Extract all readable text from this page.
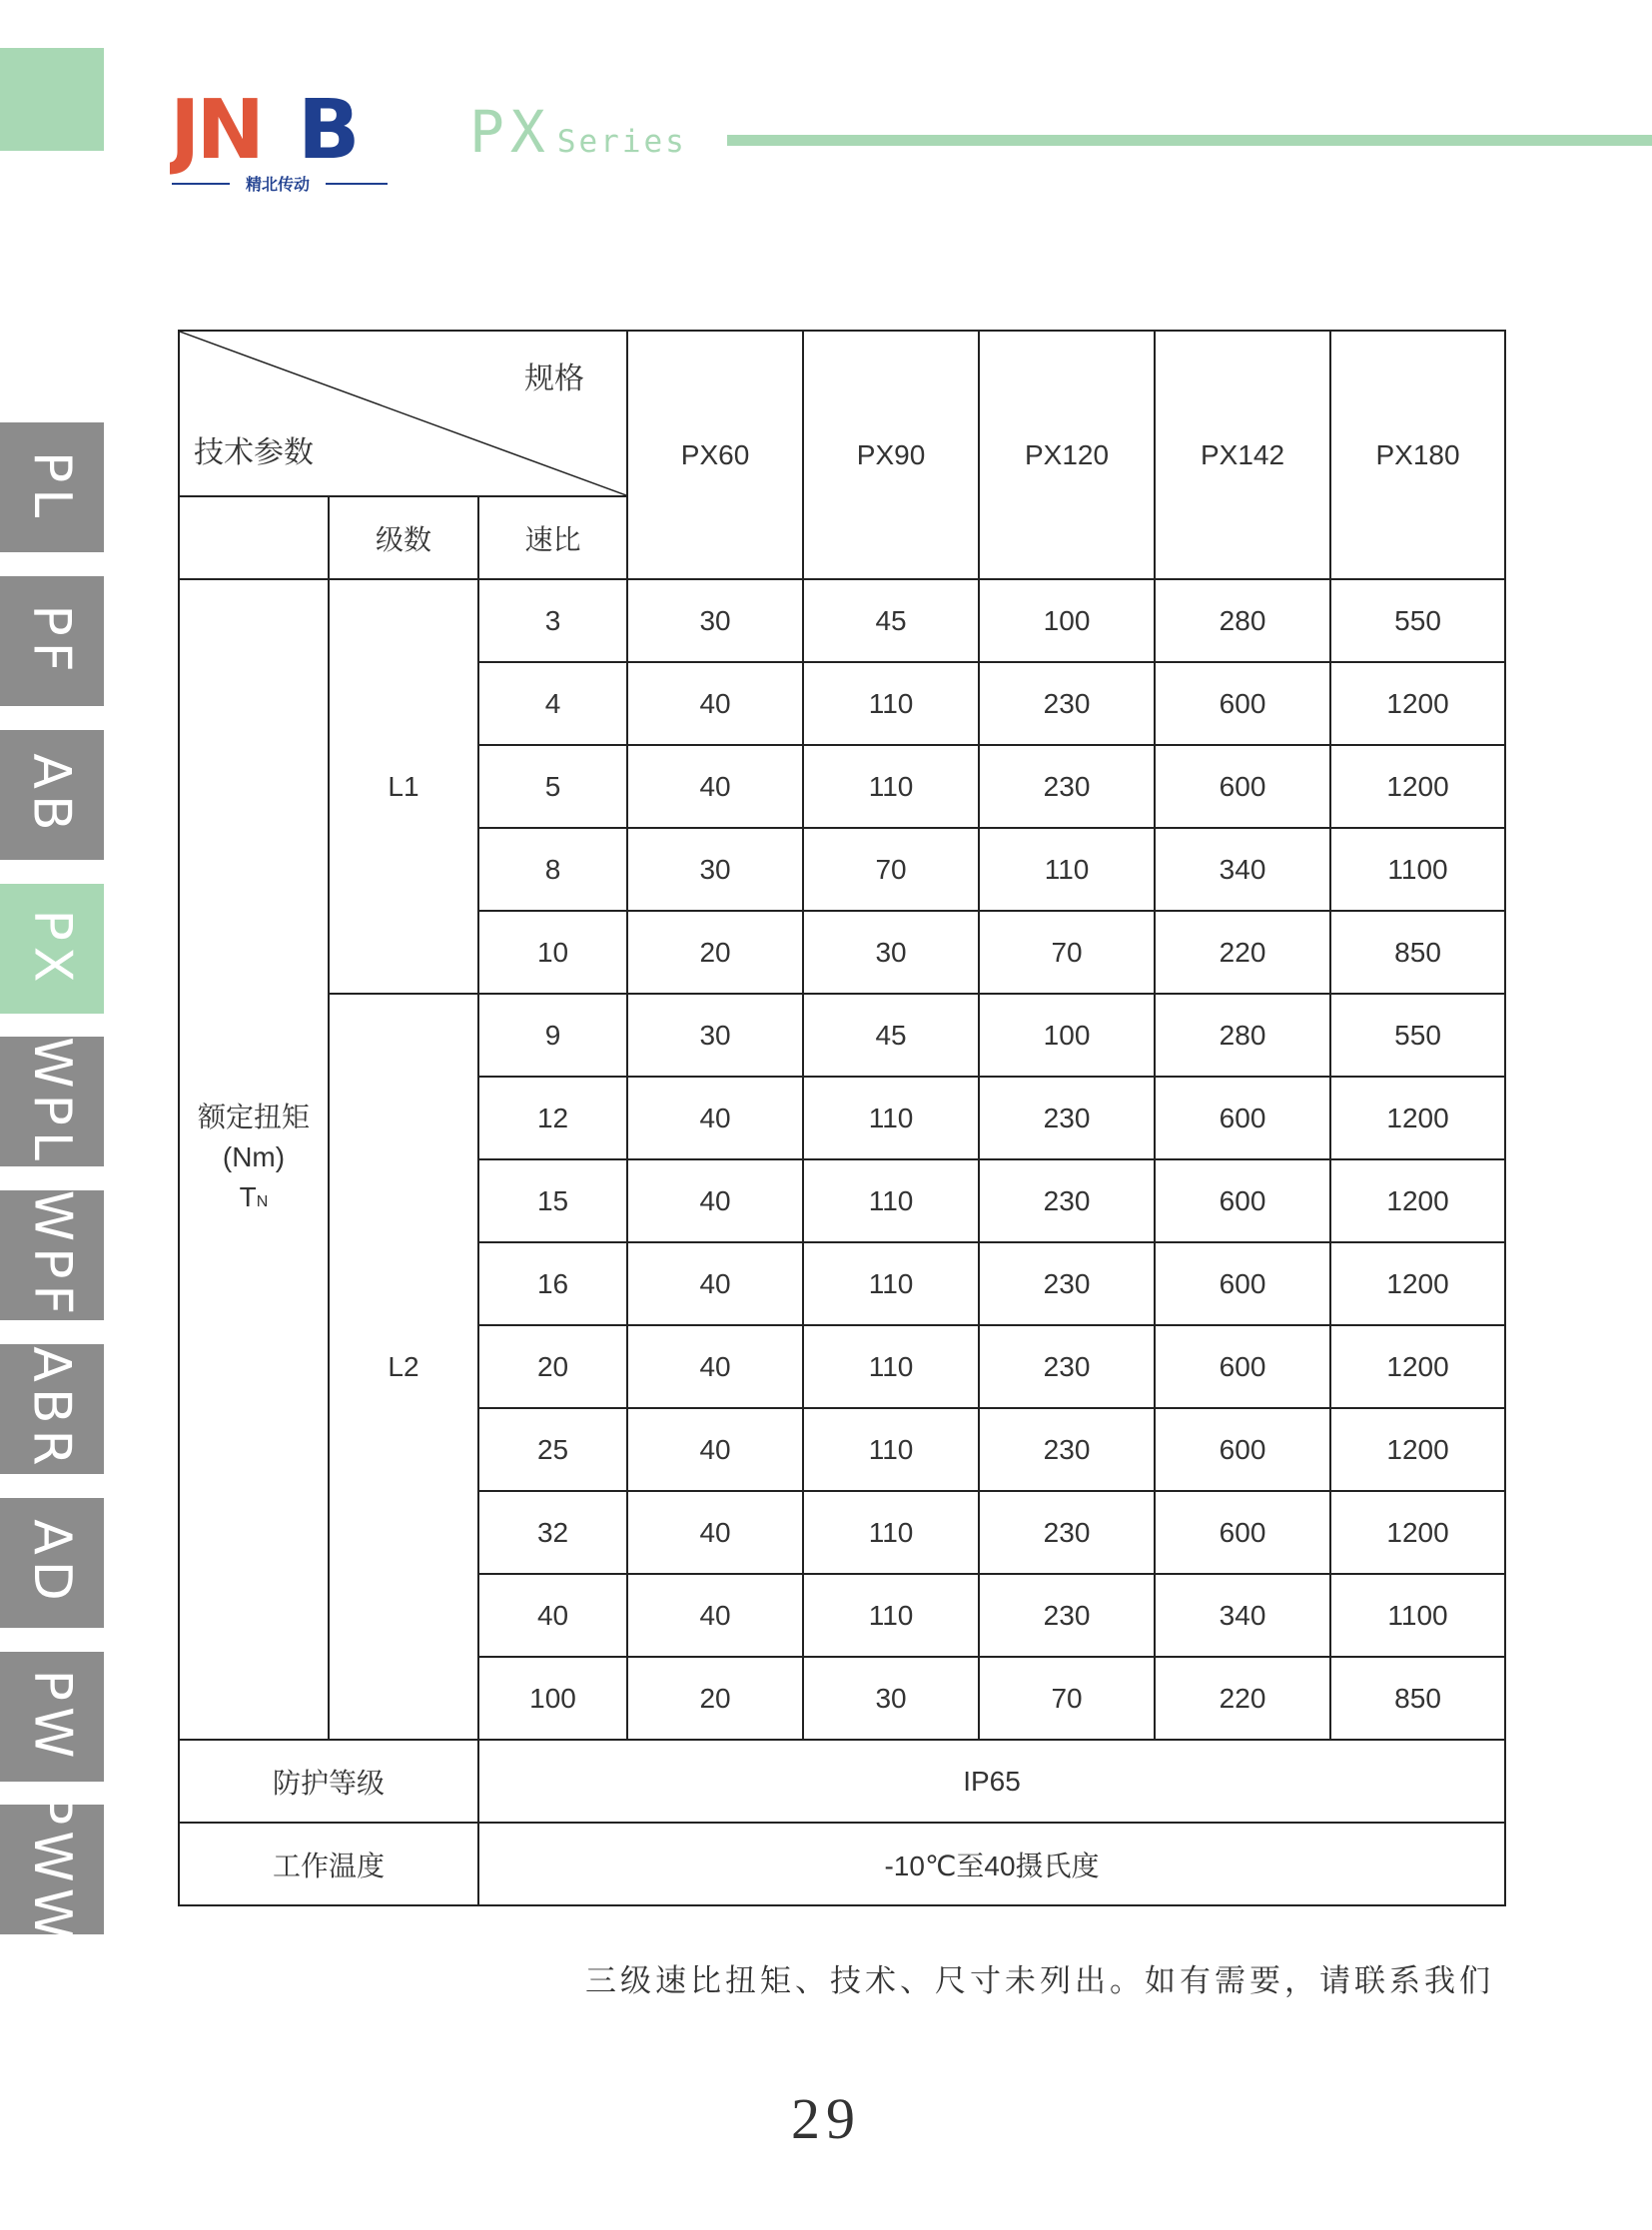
JN B
精北传动
PX Series
PL
PF
AB
PX
WPL
WPF
ABR
AD
PW
PWW
规格
技术参数			PX60	PX90	PX120	PX142	PX180
	级数	速比					

额定扭矩
(Nm)
TN	L1	3	30	45	100	280	550
		4	40	110	230	600	1200
		5	40	110	230	600	1200
		8	30	70	110	340	1100
		10	20	30	70	220	850
	L2	9	30	45	100	280	550
		12	40	110	230	600	1200
		15	40	110	230	600	1200
		16	40	110	230	600	1200
		20	40	110	230	600	1200
		25	40	110	230	600	1200
		32	40	110	230	600	1200
		40	40	110	230	340	1100
		100	20	30	70	220	850
防护等级		IP65					
工作温度		-10℃至40摄氏度					
三级速比扭矩、技术、尺寸未列出。如有需要，请联系我们
29
